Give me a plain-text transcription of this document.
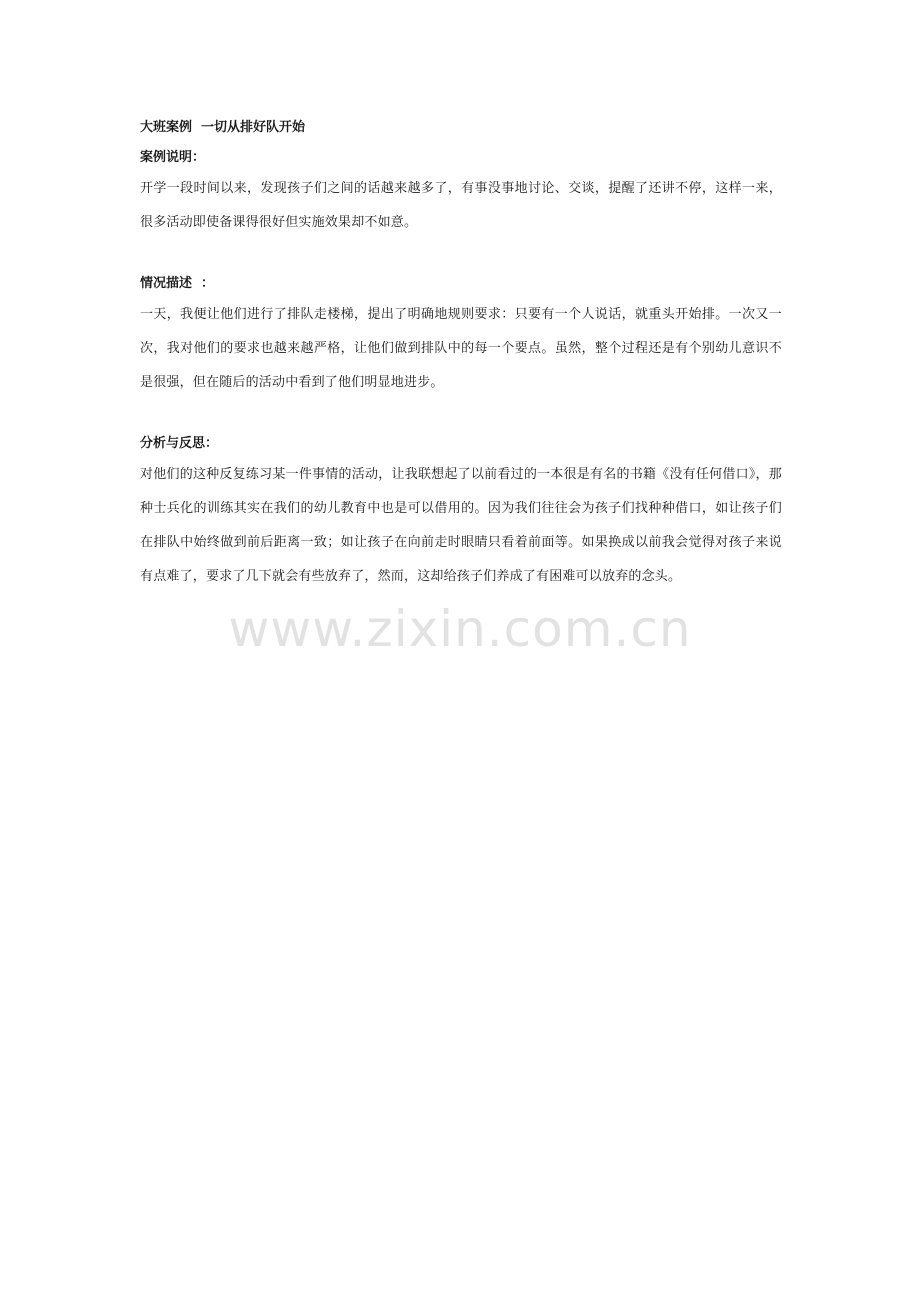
大班案例  一切从排好队开始

案例说明：

开学一段时间以来，发现孩子们之间的话越来越多了，有事没事地讨论、交谈，提醒了还讲不停，这样一来，很多活动即使备课得很好但实施效果却不如意。

情况描述  ：

一天，我便让他们进行了排队走楼梯，提出了明确地规则要求：只要有一个人说话，就重头开始排。一次又一次，我对他们的要求也越来越严格，让他们做到排队中的每一个要点。虽然，整个过程还是有个别幼儿意识不是很强，但在随后的活动中看到了他们明显地进步。

分析与反思：

对他们的这种反复练习某一件事情的活动，让我联想起了以前看过的一本很是有名的书籍《没有任何借口》，那种士兵化的训练其实在我们的幼儿教育中也是可以借用的。因为我们往往会为孩子们找种种借口，如让孩子们在排队中始终做到前后距离一致；如让孩子在向前走时眼睛只看着前面等。如果换成以前我会觉得对孩子来说有点难了，要求了几下就会有些放弃了，然而，这却给孩子们养成了有困难可以放弃的念头。

www.zixin.com.cn
